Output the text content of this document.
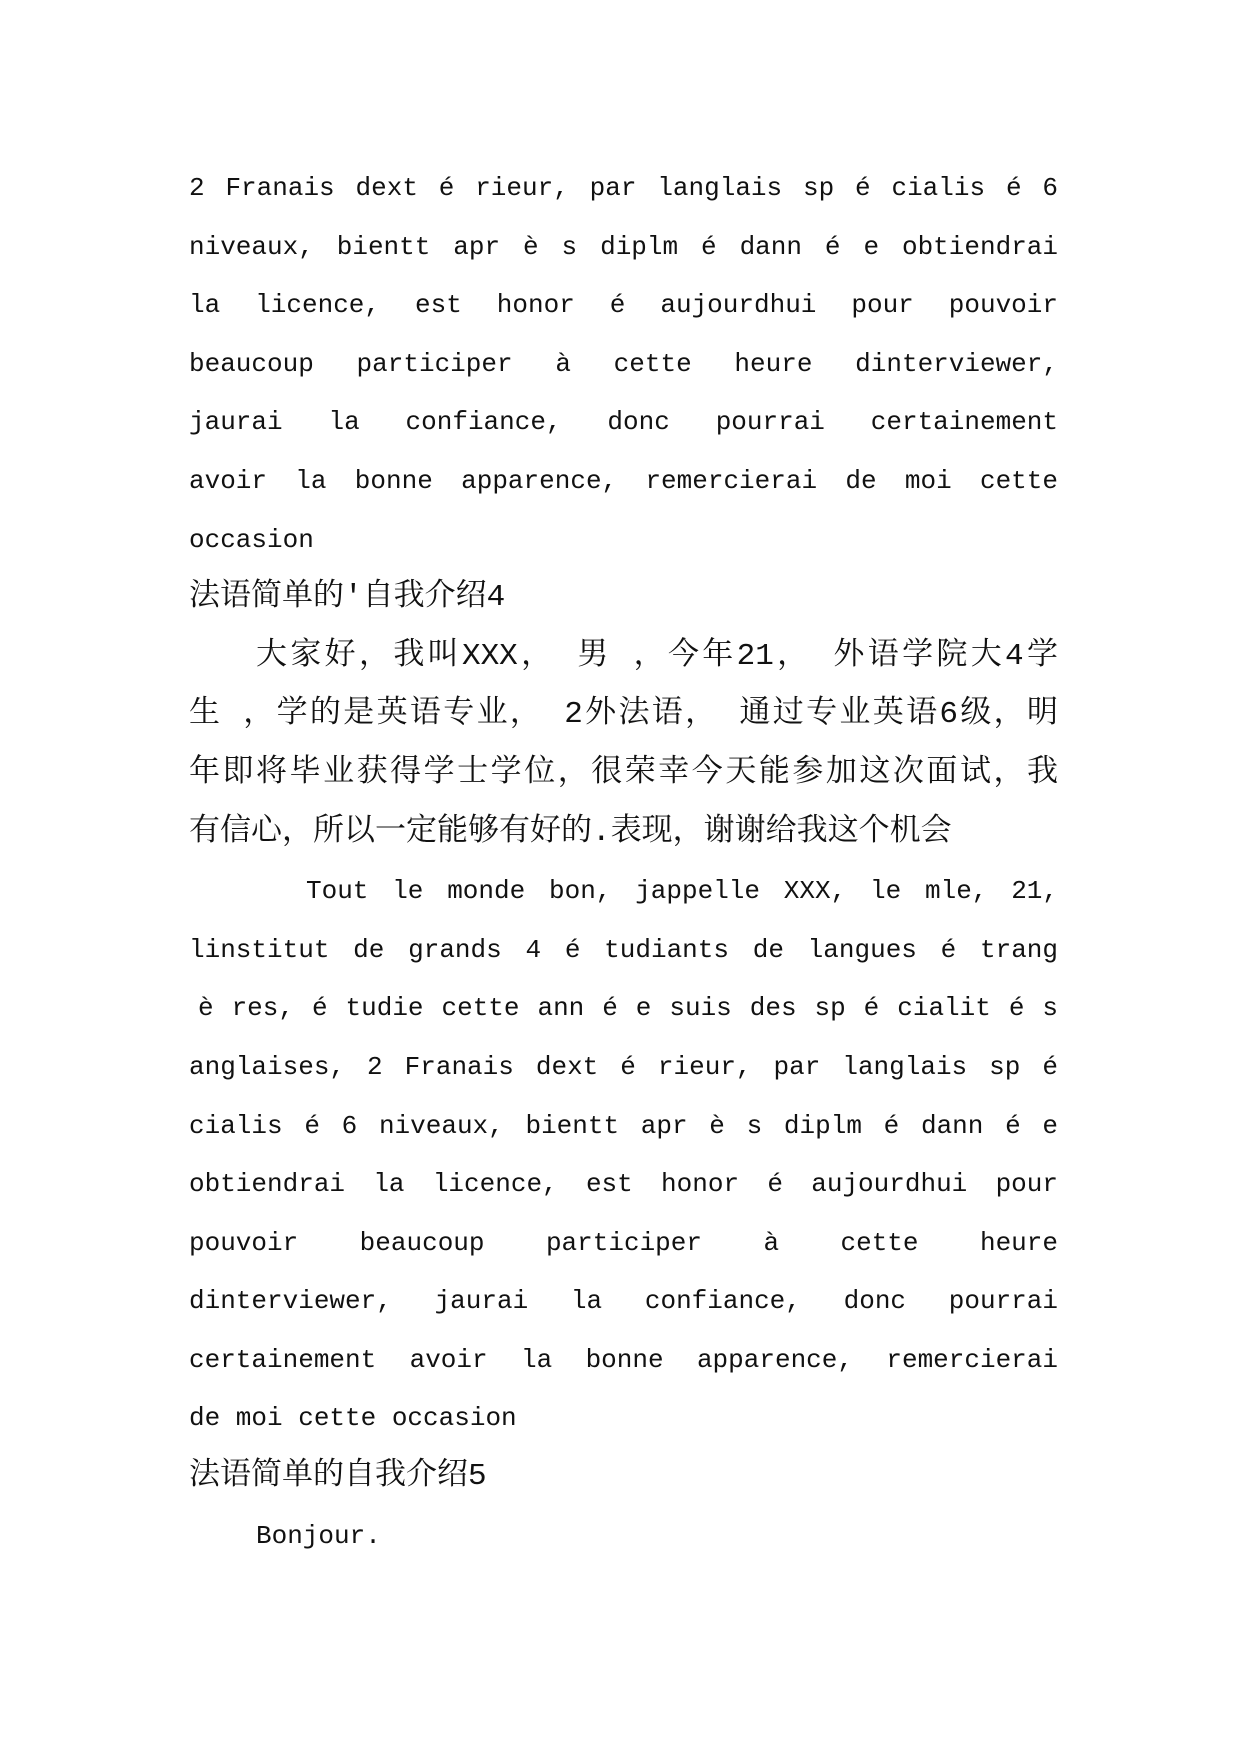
2 Franais dext é rieur, par langlais sp é cialis é 6

niveaux, bientt apr è s diplm é dann é e obtiendrai

la licence, est honor é aujourdhui pour pouvoir

beaucoup participer à cette heure dinterviewer,

jaurai la confiance, donc pourrai certainement

avoir la bonne apparence, remercierai de moi cette

occasion

法语简单的'自我介绍4

大家好，我叫XXX， 男 ，今年21， 外语学院大4学

生 ，学的是英语专业， 2外法语， 通过专业英语6级，明

年即将毕业获得学士学位，很荣幸今天能参加这次面试，我

有信心，所以一定能够有好的.表现，谢谢给我这个机会

Tout le monde bon, jappelle XXX, le mle, 21,

linstitut de grands 4 é tudiants de langues é trang

è res, é tudie cette ann é e suis des sp é cialit é s

anglaises, 2 Franais dext é rieur, par langlais sp é

cialis é 6 niveaux, bientt apr è s diplm é dann é e

obtiendrai la licence, est honor é aujourdhui pour

pouvoir beaucoup participer à cette heure

dinterviewer, jaurai la confiance, donc pourrai

certainement avoir la bonne apparence, remercierai

de moi cette occasion

法语简单的自我介绍5

Bonjour.
